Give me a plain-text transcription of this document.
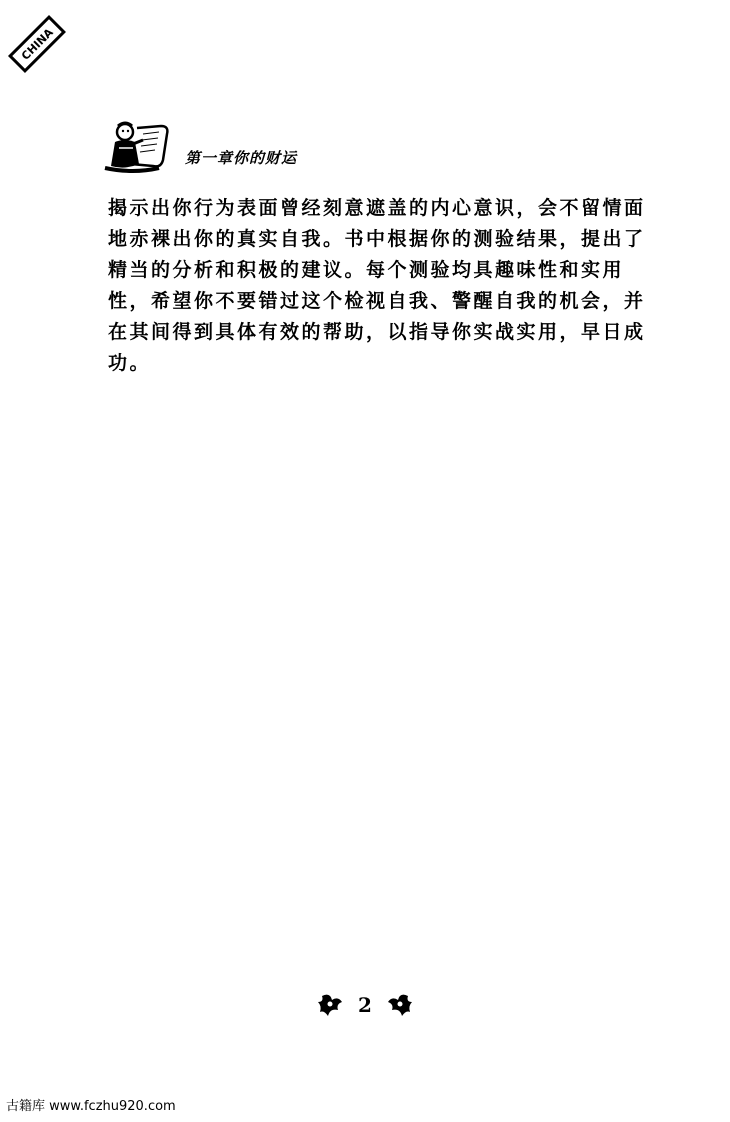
CHINA
第一章你的财运
揭示出你行为表面曾经刻意遮盖的内心意识，会不留情面
地赤裸出你的真实自我。书中根据你的测验结果，提出了
精当的分析和积极的建议。每个测验均具趣味性和实用
性，希望你不要错过这个检视自我、警醒自我的机会，并
在其间得到具体有效的帮助，以指导你实战实用，早日成
功。
2
古籍库 www.fczhu920.com
